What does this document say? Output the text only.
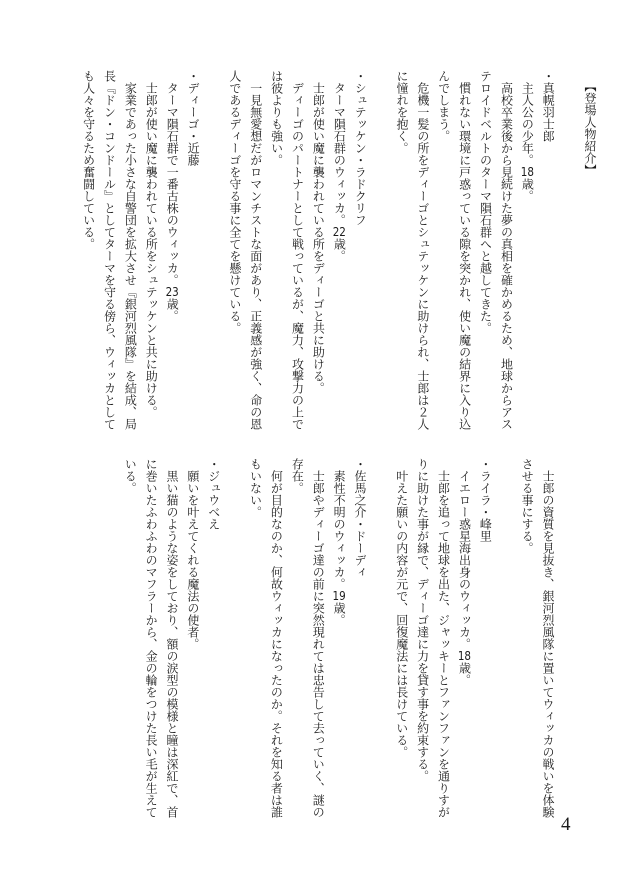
【登場人物紹介】
・真幌羽士郎
主人公の少年。18歳。
高校卒業後から見続けた夢の真相を確かめるため、地球からアス
テロイドベルトのターマ隕石群へと越してきた。
慣れない環境に戸惑っている隙を突かれ、使い魔の結界に入り込
んでしまう。
危機一髪の所をディーゴとシュテッケンに助けられ、士郎は２人
に憧れを抱く。
・シュテッケン・ラドクリフ
ターマ隕石群のウィッカ。22歳。
士郎が使い魔に襲われている所をディーゴと共に助ける。
ディーゴのパートナーとして戦っているが、魔力、攻撃力の上で
は彼よりも強い。
一見無愛想だがロマンチストな面があり、正義感が強く、命の恩
人であるディーゴを守る事に全てを懸けている。
・ディーゴ・近藤
ターマ隕石群で一番古株のウィッカ。23歳。
士郎が使い魔に襲われている所をシュテッケンと共に助ける。
家業であった小さな自警団を拡大させ『銀河烈風隊』を結成、局
長『ドン・コンドール』としてターマを守る傍ら、ウィッカとして
も人々を守るため奮闘している。
士郎の資質を見抜き、銀河烈風隊に置いてウィッカの戦いを体験
させる事にする。
・ライラ・峰里
イエロー惑星海出身のウィッカ。18歳。
士郎を追って地球を出た、ジャッキーとファンファンを通りすが
りに助けた事が縁で、ディーゴ達に力を貸す事を約束する。
叶えた願いの内容が元で、回復魔法には長けている。
・佐馬之介・ドーディ
素性不明のウィッカ。19歳。
士郎やディーゴ達の前に突然現れては忠告して去っていく、謎の
存在。
何が目的なのか、何故ウィッカになったのか。それを知る者は誰
もいない。
・ジュウべえ
願いを叶えてくれる魔法の使者。
黒い猫のような姿をしており、額の涙型の模様と瞳は深紅で、首
に巻いたふわふわのマフラーから、金の輪をつけた長い毛が生えて
いる。
4
